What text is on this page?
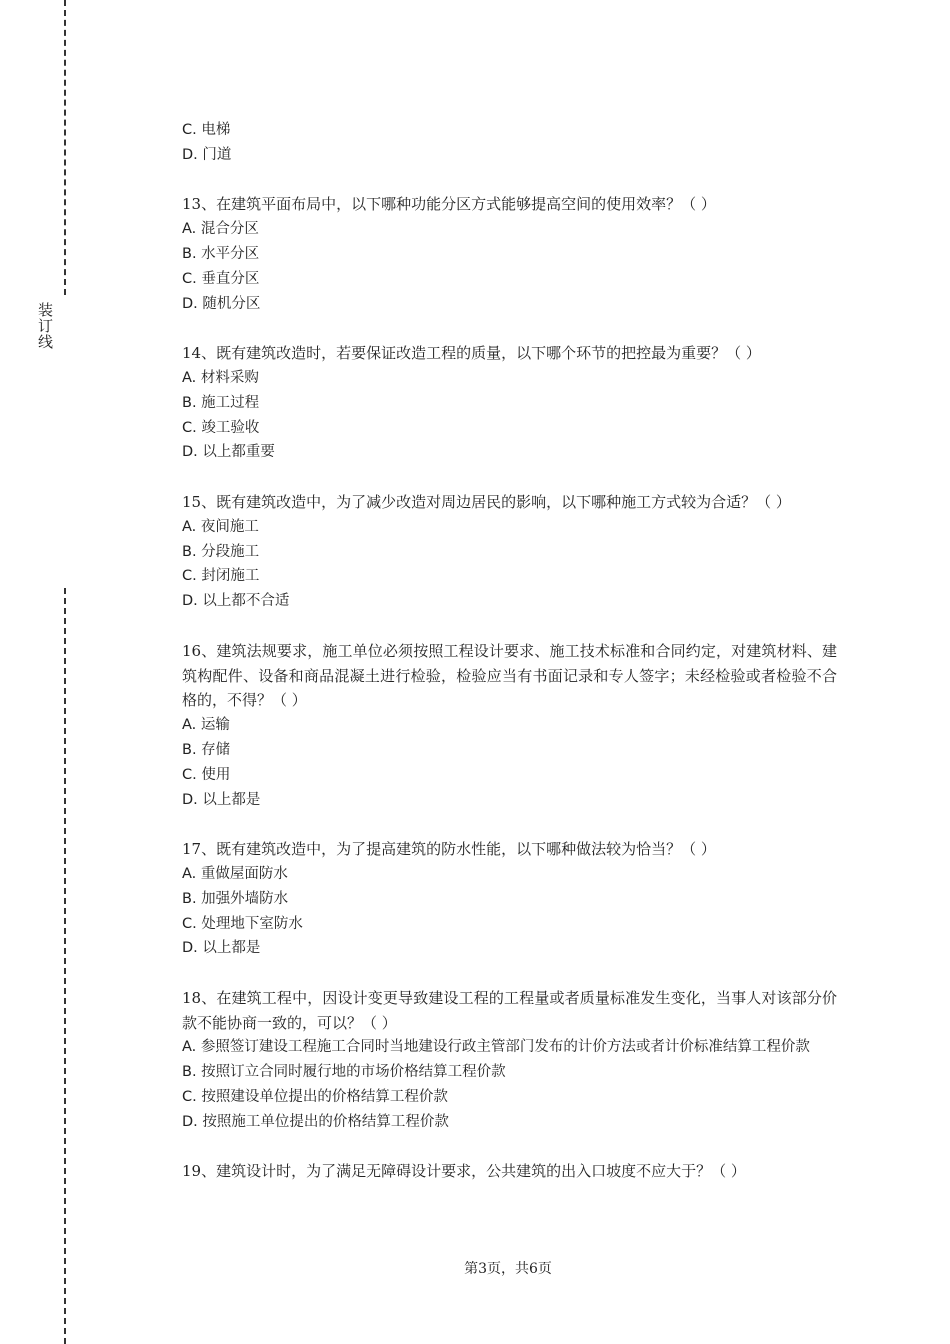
装订线

C. 电梯

D. 门道

13、在建筑平面布局中，以下哪种功能分区方式能够提高空间的使用效率？（ ）

A. 混合分区

B. 水平分区

C. 垂直分区

D. 随机分区

14、既有建筑改造时，若要保证改造工程的质量，以下哪个环节的把控最为重要？（ ）

A. 材料采购

B. 施工过程

C. 竣工验收

D. 以上都重要

15、既有建筑改造中，为了减少改造对周边居民的影响，以下哪种施工方式较为合适？（ ）

A. 夜间施工

B. 分段施工

C. 封闭施工

D. 以上都不合适

16、建筑法规要求，施工单位必须按照工程设计要求、施工技术标准和合同约定，对建筑材料、建筑构配件、设备和商品混凝土进行检验，检验应当有书面记录和专人签字；未经检验或者检验不合格的，不得？（ ）

A. 运输

B. 存储

C. 使用

D. 以上都是

17、既有建筑改造中，为了提高建筑的防水性能，以下哪种做法较为恰当？（ ）

A. 重做屋面防水

B. 加强外墙防水

C. 处理地下室防水

D. 以上都是

18、在建筑工程中，因设计变更导致建设工程的工程量或者质量标准发生变化，当事人对该部分价款不能协商一致的，可以？（ ）

A. 参照签订建设工程施工合同时当地建设行政主管部门发布的计价方法或者计价标准结算工程价款

B. 按照订立合同时履行地的市场价格结算工程价款

C. 按照建设单位提出的价格结算工程价款

D. 按照施工单位提出的价格结算工程价款

19、建筑设计时，为了满足无障碍设计要求，公共建筑的出入口坡度不应大于？（ ）

第3页，共6页
